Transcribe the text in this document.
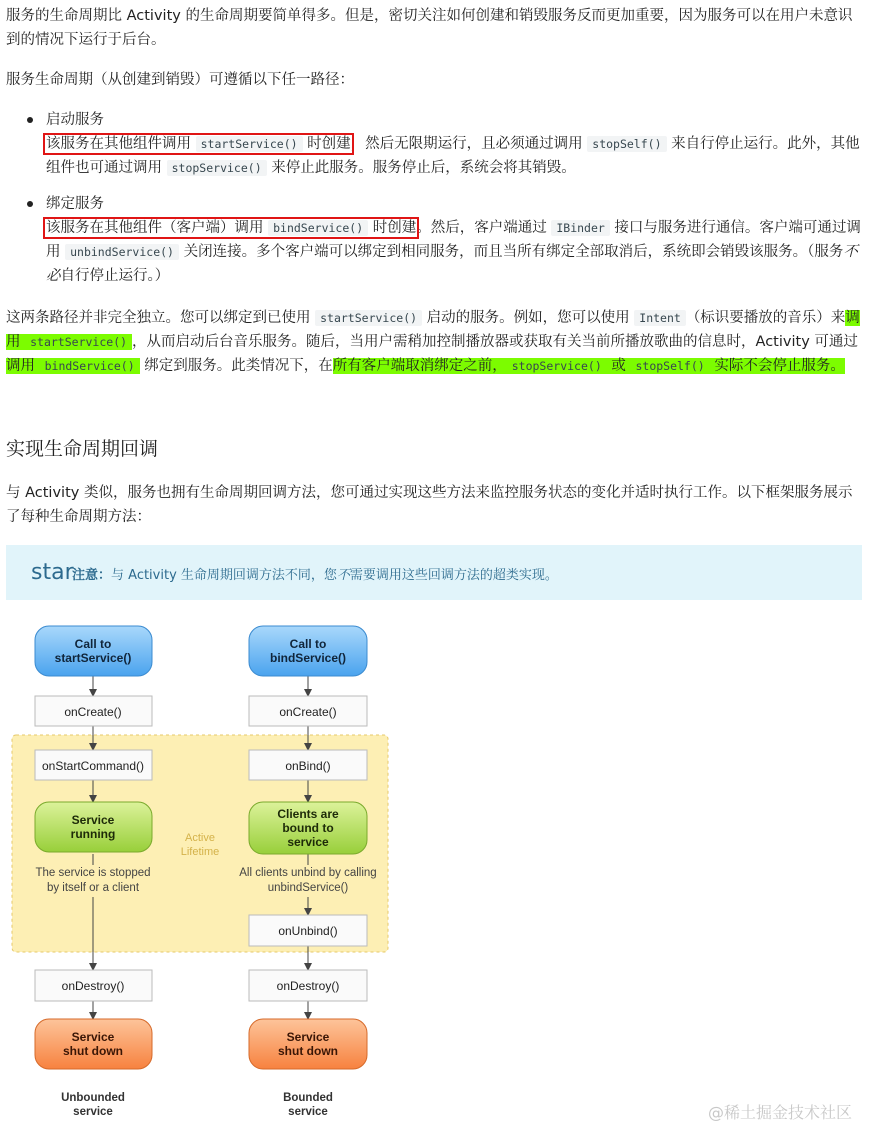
服务的生命周期比 Activity 的生命周期要简单得多。但是，密切关注如何创建和销毁服务反而更加重要，因为服务可以在用户未意识到的情况下运行于后台。

服务生命周期（从创建到销毁）可遵循以下任一路径：

启动服务

该服务在其他组件调用 startService() 时创建，然后无限期运行，且必须通过调用 stopSelf() 来自行停止运行。此外，其他组件也可通过调用 stopService() 来停止此服务。服务停止后，系统会将其销毁。

绑定服务

该服务在其他组件（客户端）调用 bindService() 时创建。然后，客户端通过 IBinder 接口与服务进行通信。客户端可通过调用 unbindService() 关闭连接。多个客户端可以绑定到相同服务，而且当所有绑定全部取消后，系统即会销毁该服务。（服务不必自行停止运行。）

这两条路径并非完全独立。您可以绑定到已使用 startService() 启动的服务。例如，您可以使用 Intent （标识要播放的音乐）来调用 startService() ，从而启动后台音乐服务。随后，当用户需稍加控制播放器或获取有关当前所播放歌曲的信息时，Activity 可通过调用 bindService() 绑定到服务。此类情况下，在所有客户端取消绑定之前， stopService() 或 stopSelf() 实际不会停止服务。

实现生命周期回调

与 Activity 类似，服务也拥有生命周期回调方法，您可通过实现这些方法来监控服务状态的变化并适时执行工作。以下框架服务展示了每种生命周期方法：

star
注意：与 Activity 生命周期回调方法不同，您不需要调用这些回调方法的超类实现。
Active
Lifetime
Call to
startService()
onCreate()
onStartCommand()
Service
running
The service is stopped
by itself or a client
onDestroy()
Service
shut down
Unbounded
service
Call to
bindService()
onCreate()
onBind()
Clients are
bound to
service
All clients unbind by calling
unbindService()
onUnbind()
onDestroy()
Service
shut down
Bounded
service	@稀土掘金技术社区
